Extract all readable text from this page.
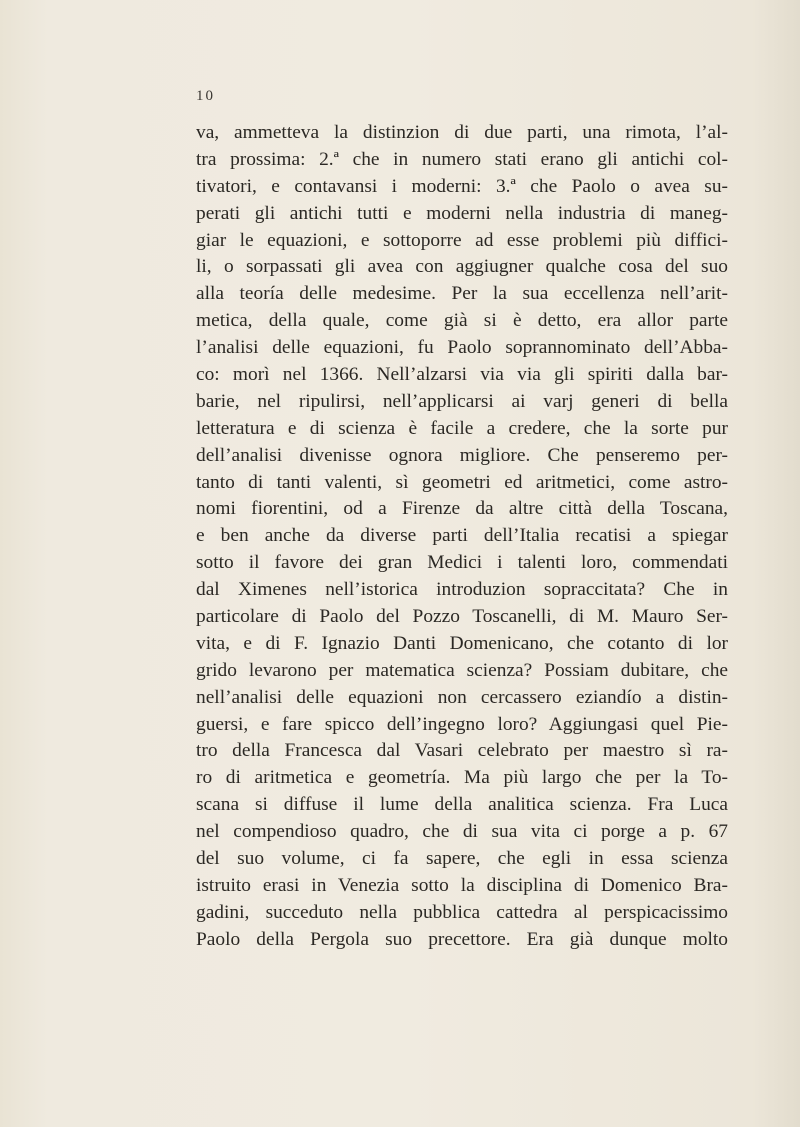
10
va, ammetteva la distinzion di due parti, una rimota, l’al-
tra prossima: 2.ª che in numero stati erano gli antichi col-
tivatori, e contavansi i moderni: 3.ª che Paolo o avea su-
perati gli antichi tutti e moderni nella industria di maneg-
giar le equazioni, e sottoporre ad esse problemi più diffici-
li, o sorpassati gli avea con aggiugner qualche cosa del suo
alla teoría delle medesime. Per la sua eccellenza nell’arit-
metica, della quale, come già si è detto, era allor parte
l’analisi delle equazioni, fu Paolo soprannominato dell’Abba-
co: morì nel 1366. Nell’alzarsi via via gli spiriti dalla bar-
barie, nel ripulirsi, nell’applicarsi ai varj generi di bella
letteratura e di scienza è facile a credere, che la sorte pur
dell’analisi divenisse ognora migliore. Che penseremo per-
tanto di tanti valenti, sì geometri ed aritmetici, come astro-
nomi fiorentini, od a Firenze da altre città della Toscana,
e ben anche da diverse parti dell’Italia recatisi a spiegar
sotto il favore dei gran Medici i talenti loro, commendati
dal Ximenes nell’istorica introduzion sopraccitata? Che in
particolare di Paolo del Pozzo Toscanelli, di M. Mauro Ser-
vita, e di F. Ignazio Danti Domenicano, che cotanto di lor
grido levarono per matematica scienza? Possiam dubitare, che
nell’analisi delle equazioni non cercassero eziandío a distin-
guersi, e fare spicco dell’ingegno loro? Aggiungasi quel Pie-
tro della Francesca dal Vasari celebrato per maestro sì ra-
ro di aritmetica e geometría. Ma più largo che per la To-
scana si diffuse il lume della analitica scienza. Fra Luca
nel compendioso quadro, che di sua vita ci porge a p. 67
del suo volume, ci fa sapere, che egli in essa scienza
istruito erasi in Venezia sotto la disciplina di Domenico Bra-
gadini, succeduto nella pubblica cattedra al perspicacissimo
Paolo della Pergola suo precettore. Era già dunque molto
